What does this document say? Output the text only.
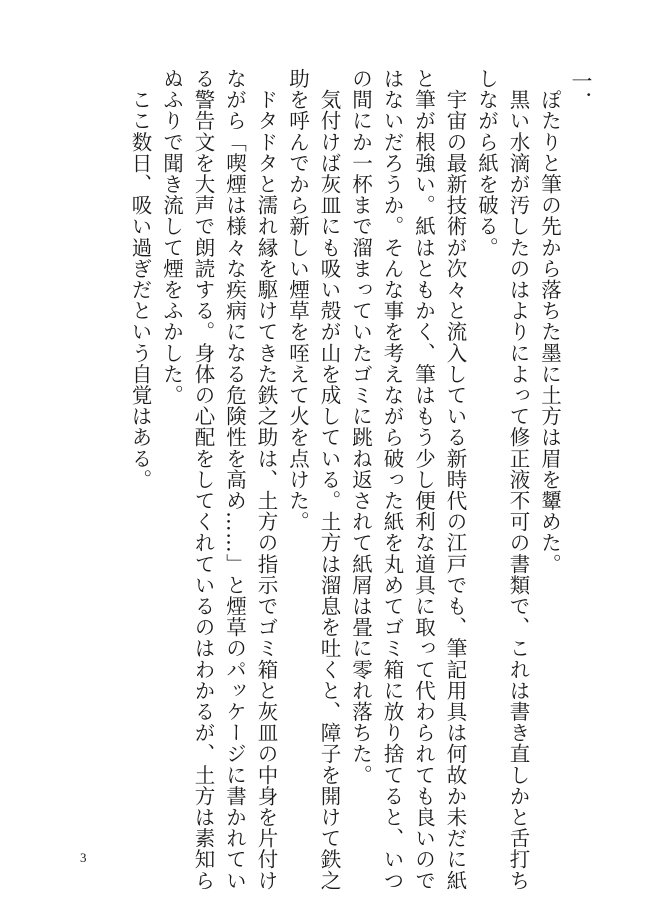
一．
　ぽたりと筆の先から落ちた墨に土方は眉を顰めた。
　黒い水滴が汚したのはよりによって修正液不可の書類で、これは書き直しかと舌打ち
しながら紙を破る。
　宇宙の最新技術が次々と流入している新時代の江戸でも、筆記用具は何故か未だに紙
と筆が根強い。紙はともかく、筆はもう少し便利な道具に取って代わられても良いので
はないだろうか。そんな事を考えながら破った紙を丸めてゴミ箱に放り捨てると、いつ
の間にか一杯まで溜まっていたゴミに跳ね返されて紙屑は畳に零れ落ちた。
　気付けば灰皿にも吸い殻が山を成している。土方は溜息を吐くと、障子を開けて鉄之
助を呼んでから新しい煙草を咥えて火を点けた。
　ドタドタと濡れ縁を駆けてきた鉄之助は、土方の指示でゴミ箱と灰皿の中身を片付け
ながら「喫煙は様々な疾病になる危険性を高め……」と煙草のパッケージに書かれてい
る警告文を大声で朗読する。身体の心配をしてくれているのはわかるが、土方は素知ら
ぬふりで聞き流して煙をふかした。
　ここ数日、吸い過ぎだという自覚はある。
3
